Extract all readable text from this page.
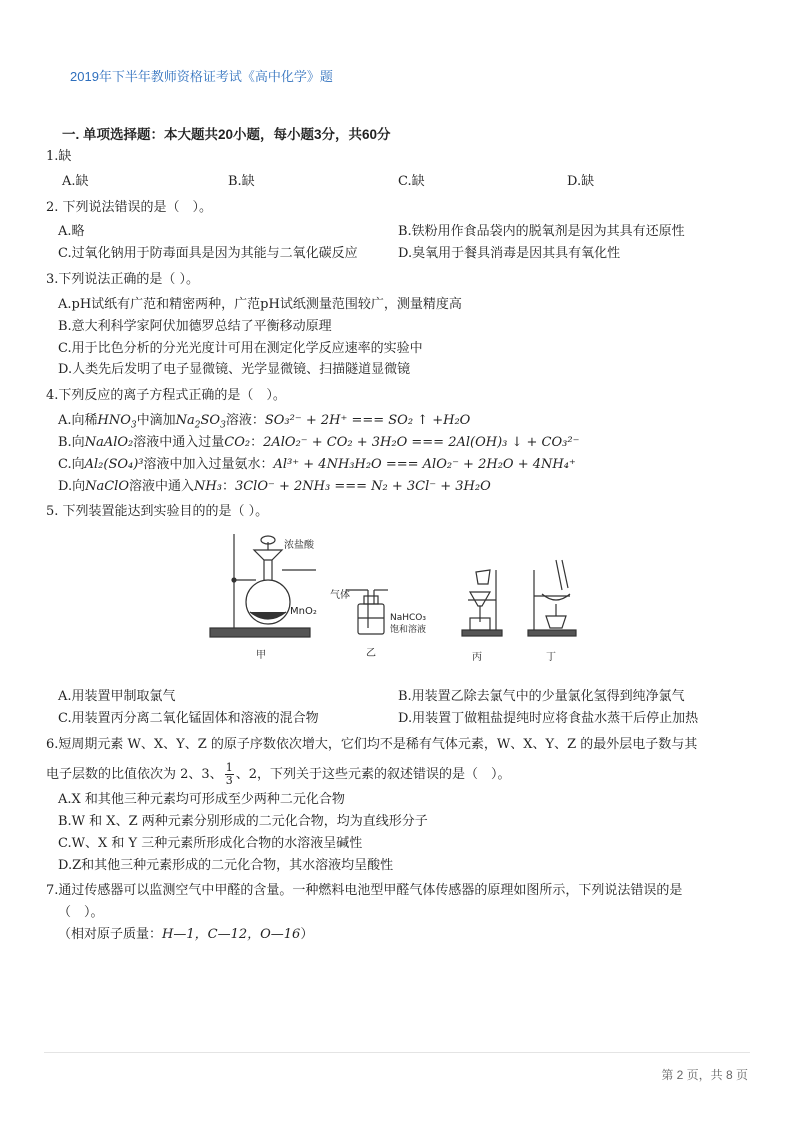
2019年下半年教师资格证考试《高中化学》题
一. 单项选择题：本大题共20小题，每小题3分，共60分
1.缺
A.缺	B.缺	C.缺	D.缺
2. 下列说法错误的是（　）。
A.略	B.铁粉用作食品袋内的脱氧剂是因为其具有还原性
C.过氧化钠用于防毒面具是因为其能与二氧化碳反应	D.臭氧用于餐具消毒是因其具有氧化性
3.下列说法正确的是（ ）。
A.pH试纸有广范和精密两种，广范pH试纸测量范围较广，测量精度高
B.意大利科学家阿伏加德罗总结了平衡移动原理
C.用于比色分析的分光光度计可用在测定化学反应速率的实验中
D.人类先后发明了电子显微镜、光学显微镜、扫描隧道显微镜
4.下列反应的离子方程式正确的是（　）。
A.向稀$HNO_3$中滴加$Na_2SO_3$溶液：SO₃²⁻ + 2H⁺ === SO₂ ↑ +H₂O
B.向NaAlO₂溶液中通入过量CO₂：2AlO₂⁻ + CO₂ + 3H₂O === 2Al(OH)₃ ↓ + CO₃²⁻
C.向Al₂(SO₄)³溶液中加入过量氨水：Al³⁺ + 4NH₃H₂O === AlO₂⁻ + 2H₂O + 4NH₄⁺
D.向NaClO溶液中通入NH₃：3ClO⁻ + 2NH₃ === N₂ + 3Cl⁻ + 3H₂O
5. 下列装置能达到实验目的的是（ ）。
浓盐酸
MnO₂
甲
气体
NaHCO₃
饱和溶液
乙	丙	丁
A.用装置甲制取氯气	B.用装置乙除去氯气中的少量氯化氢得到纯净氯气
C.用装置丙分离二氧化锰固体和溶液的混合物	D.用装置丁做粗盐提纯时应将食盐水蒸干后停止加热
6.短周期元素 W、X、Y、Z 的原子序数依次增大，它们均不是稀有气体元素，W、X、Y、Z 的最外层电子数与其
电子层数的比值依次为 2、3、 $\frac{1}{3}$ 、2，下列关于这些元素的叙述错误的是（　）。
A.X 和其他三种元素均可形成至少两种二元化合物
B.W 和 X、Z 两种元素分别形成的二元化合物，均为直线形分子
C.W、X 和 Y 三种元素所形成化合物的水溶液呈碱性
D.Z和其他三种元素形成的二元化合物，其水溶液均呈酸性
7.通过传感器可以监测空气中甲醛的含量。一种燃料电池型甲醛气体传感器的原理如图所示，下列说法错误的是
（　）。
（相对原子质量：H—1，C—12，O—16）
第 2 页，共 8 页
